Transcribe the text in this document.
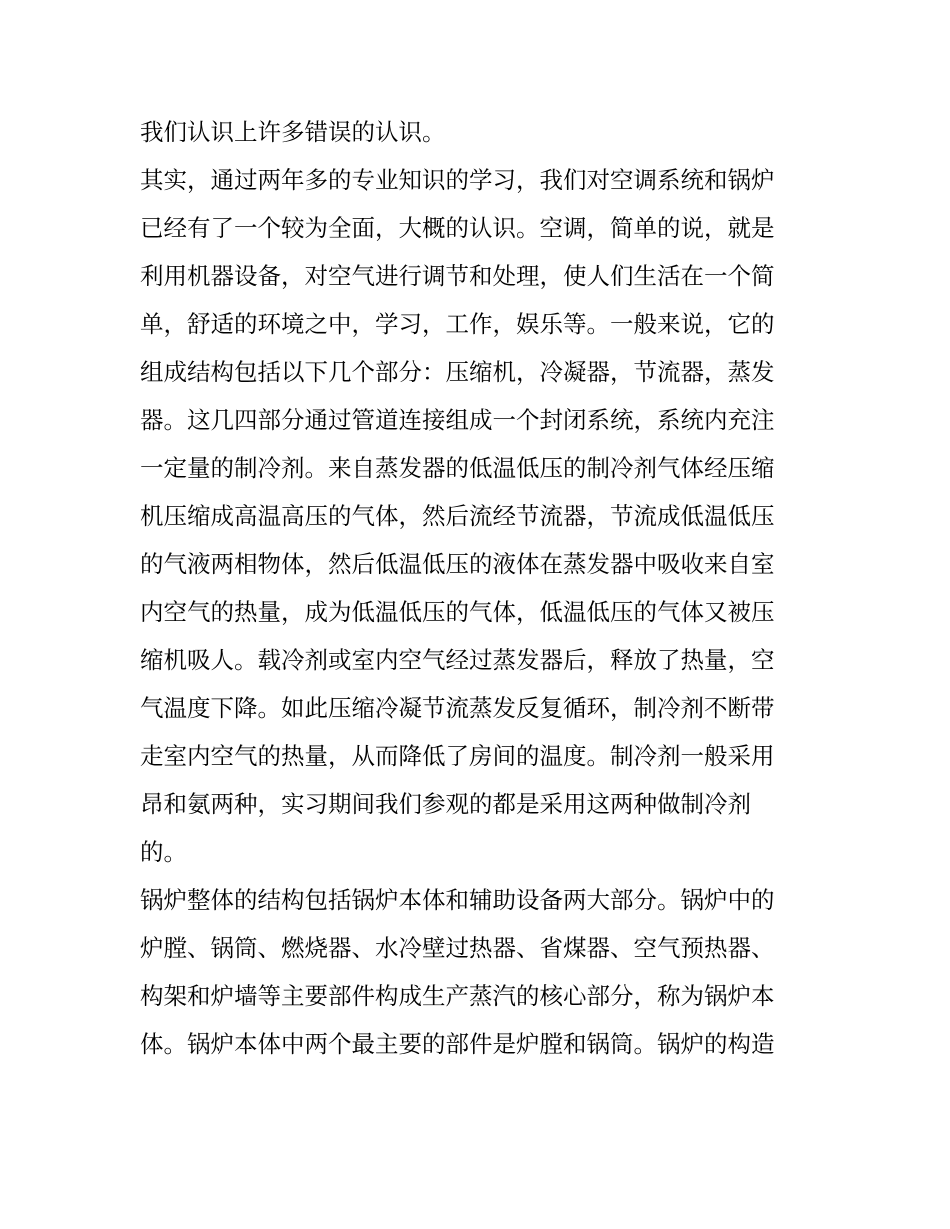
我们认识上许多错误的认识。
其实，通过两年多的专业知识的学习，我们对空调系统和锅炉
已经有了一个较为全面，大概的认识。空调，简单的说，就是
利用机器设备，对空气进行调节和处理，使人们生活在一个简
单，舒适的环境之中，学习，工作，娱乐等。一般来说，它的
组成结构包括以下几个部分：压缩机，冷凝器，节流器，蒸发
器。这几四部分通过管道连接组成一个封闭系统，系统内充注
一定量的制冷剂。来自蒸发器的低温低压的制冷剂气体经压缩
机压缩成高温高压的气体，然后流经节流器，节流成低温低压
的气液两相物体，然后低温低压的液体在蒸发器中吸收来自室
内空气的热量，成为低温低压的气体，低温低压的气体又被压
缩机吸人。载冷剂或室内空气经过蒸发器后，释放了热量，空
气温度下降。如此压缩冷凝节流蒸发反复循环，制冷剂不断带
走室内空气的热量，从而降低了房间的温度。制冷剂一般采用
昂和氨两种，实习期间我们参观的都是采用这两种做制冷剂
的。
锅炉整体的结构包括锅炉本体和辅助设备两大部分。锅炉中的
炉膛、锅筒、燃烧器、水冷壁过热器、省煤器、空气预热器、
构架和炉墙等主要部件构成生产蒸汽的核心部分，称为锅炉本
体。锅炉本体中两个最主要的部件是炉膛和锅筒。锅炉的构造
